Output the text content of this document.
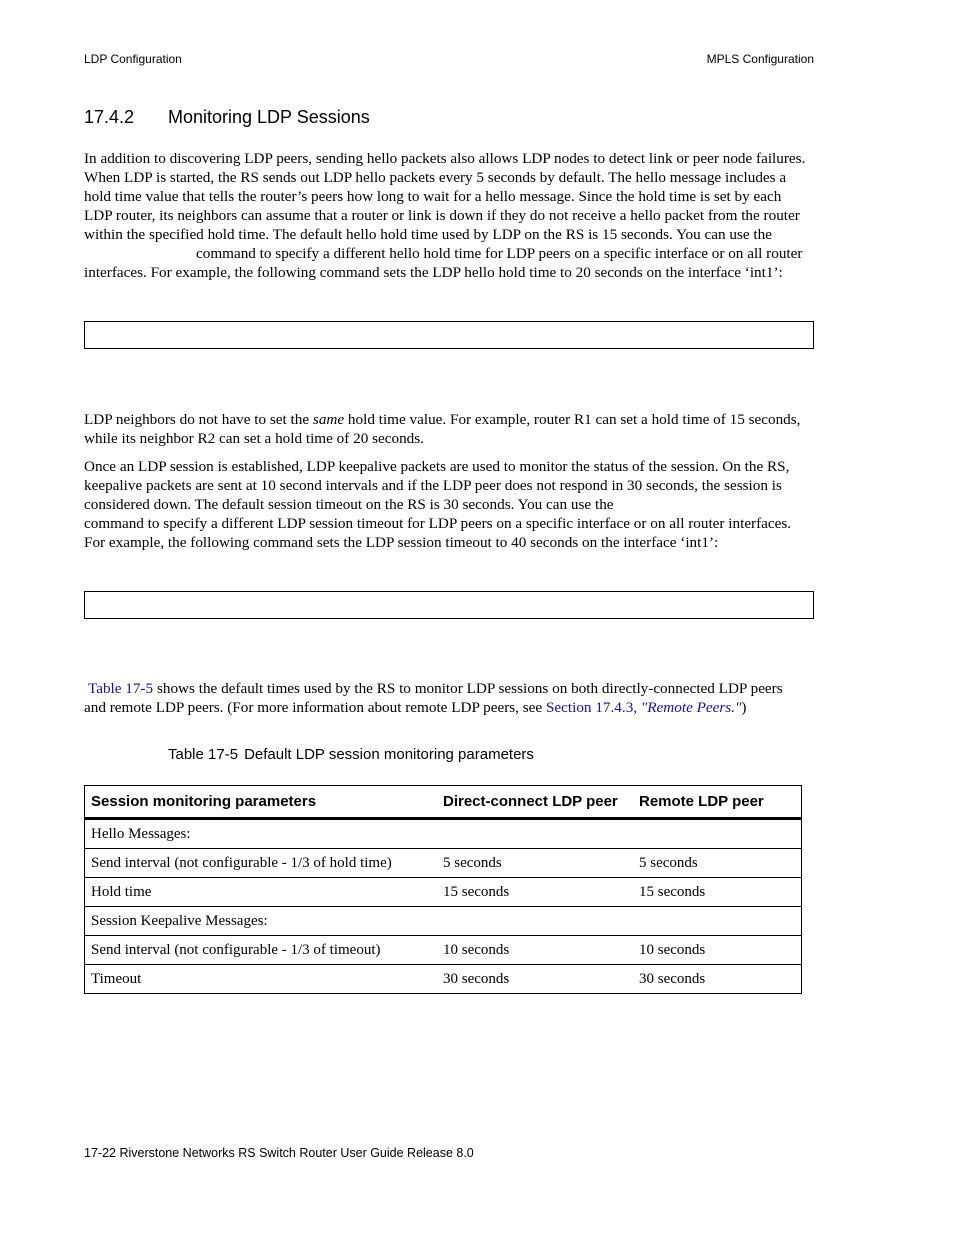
LDP Configuration	MPLS Configuration
17.4.2 Monitoring LDP Sessions

In addition to discovering LDP peers, sending hello packets also allows LDP nodes to detect link or peer node failures.

When LDP is started, the RS sends out LDP hello packets every 5 seconds by default. The hello message includes a

hold time value that tells the router’s peers how long to wait for a hello message. Since the hold time is set by each

LDP router, its neighbors can assume that a router or link is down if they do not receive a hello packet from the router

within the specified hold time. The default hello hold time used by LDP on the RS is 15 seconds. You can use the

command to specify a different hello hold time for LDP peers on a specific interface or on all router

interfaces. For example, the following command sets the LDP hello hold time to 20 seconds on the interface ‘int1’:

LDP neighbors do not have to set the same hold time value. For example, router R1 can set a hold time of 15 seconds,

while its neighbor R2 can set a hold time of 20 seconds.

Once an LDP session is established, LDP keepalive packets are used to monitor the status of the session. On the RS,

keepalive packets are sent at 10 second intervals and if the LDP peer does not respond in 30 seconds, the session is

considered down. The default session timeout on the RS is 30 seconds. You can use the

command to specify a different LDP session timeout for LDP peers on a specific interface or on all router interfaces.

For example, the following command sets the LDP session timeout to 40 seconds on the interface ‘int1’:

Table 17-5 shows the default times used by the RS to monitor LDP sessions on both directly-connected LDP peers

and remote LDP peers. (For more information about remote LDP peers, see Section 17.4.3, "Remote Peers.")

Table 17-5 Default LDP session monitoring parameters
Session monitoring parameters	Direct-connect LDP peer	Remote LDP peer
Hello Messages:		
Send interval (not configurable - 1/3 of hold time)	5 seconds	5 seconds
Hold time	15 seconds	15 seconds
Session Keepalive Messages:		
Send interval (not configurable - 1/3 of timeout)	10 seconds	10 seconds
Timeout	30 seconds	30 seconds
17-22 Riverstone Networks RS Switch Router User Guide Release 8.0
